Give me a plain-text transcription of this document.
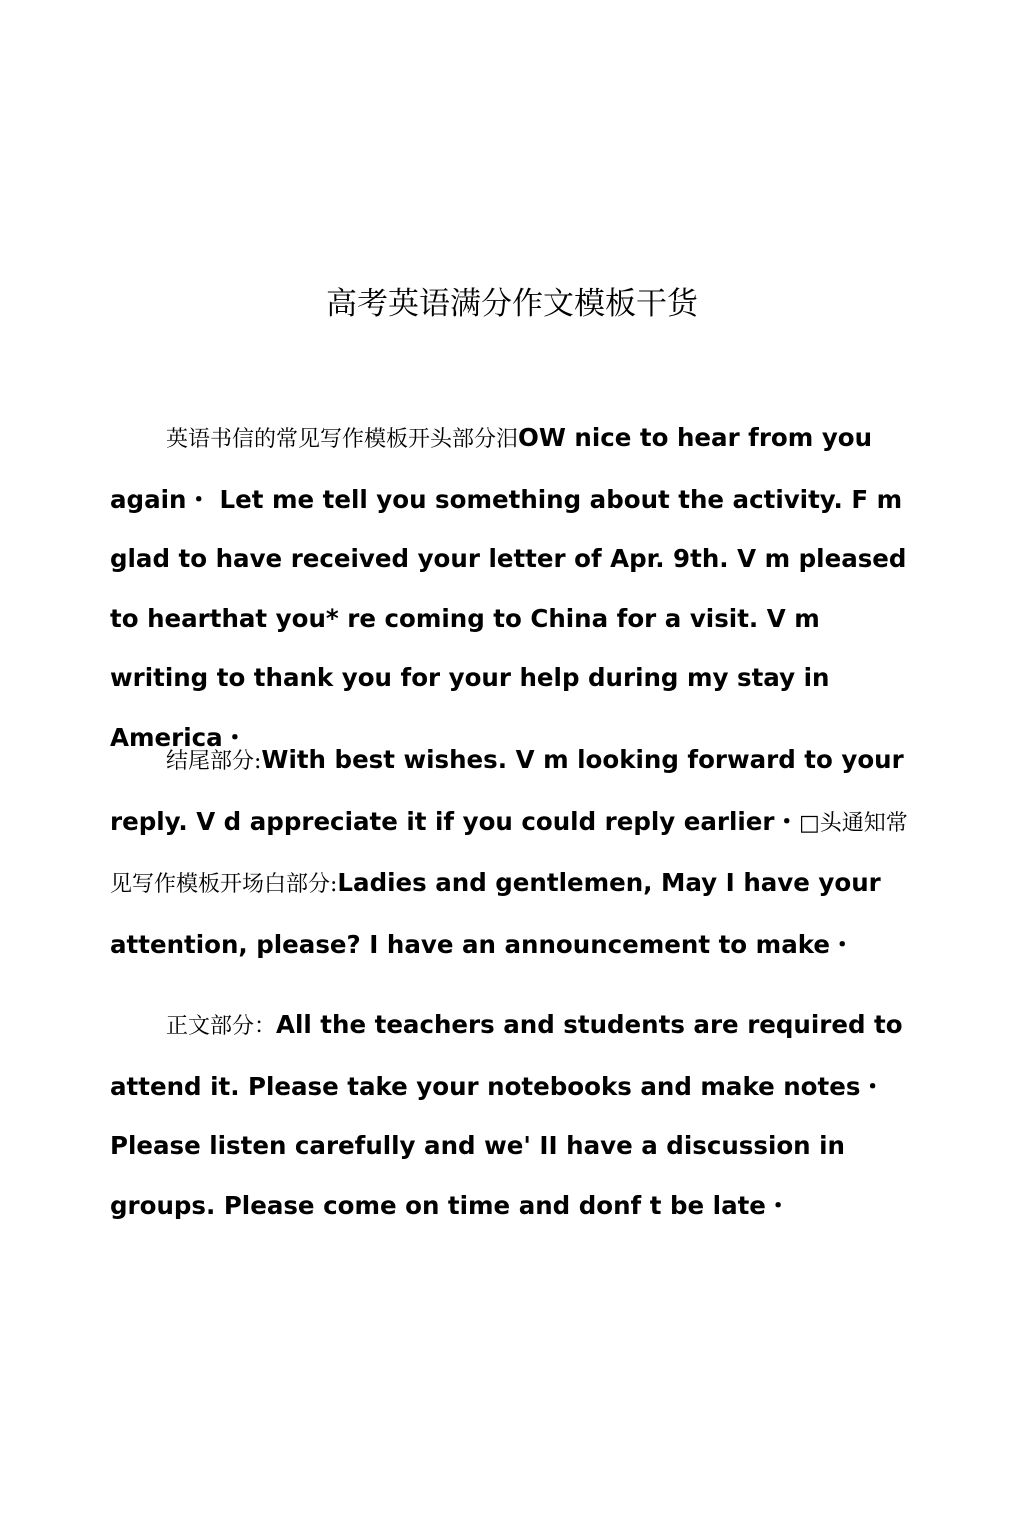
高考英语满分作文模板干货

英语书信的常见写作模板开头部分汨OW nice to hear from you again・ Let me tell you something about the activity. F m glad to have received your letter of Apr. 9th. V m pleased to hearthat you* re coming to China for a visit. V m writing to thank you for your help during my stay in America・

结尾部分:With best wishes. V m looking forward to your reply. V d appreciate it if you could reply earlier・□头通知常见写作模板开场白部分:Ladies and gentlemen, May I have your attention, please? I have an announcement to make・

正文部分：All the teachers and students are required to attend it. Please take your notebooks and make notes・ Please listen carefully and we' II have a discussion in groups. Please come on time and donf t be late・
